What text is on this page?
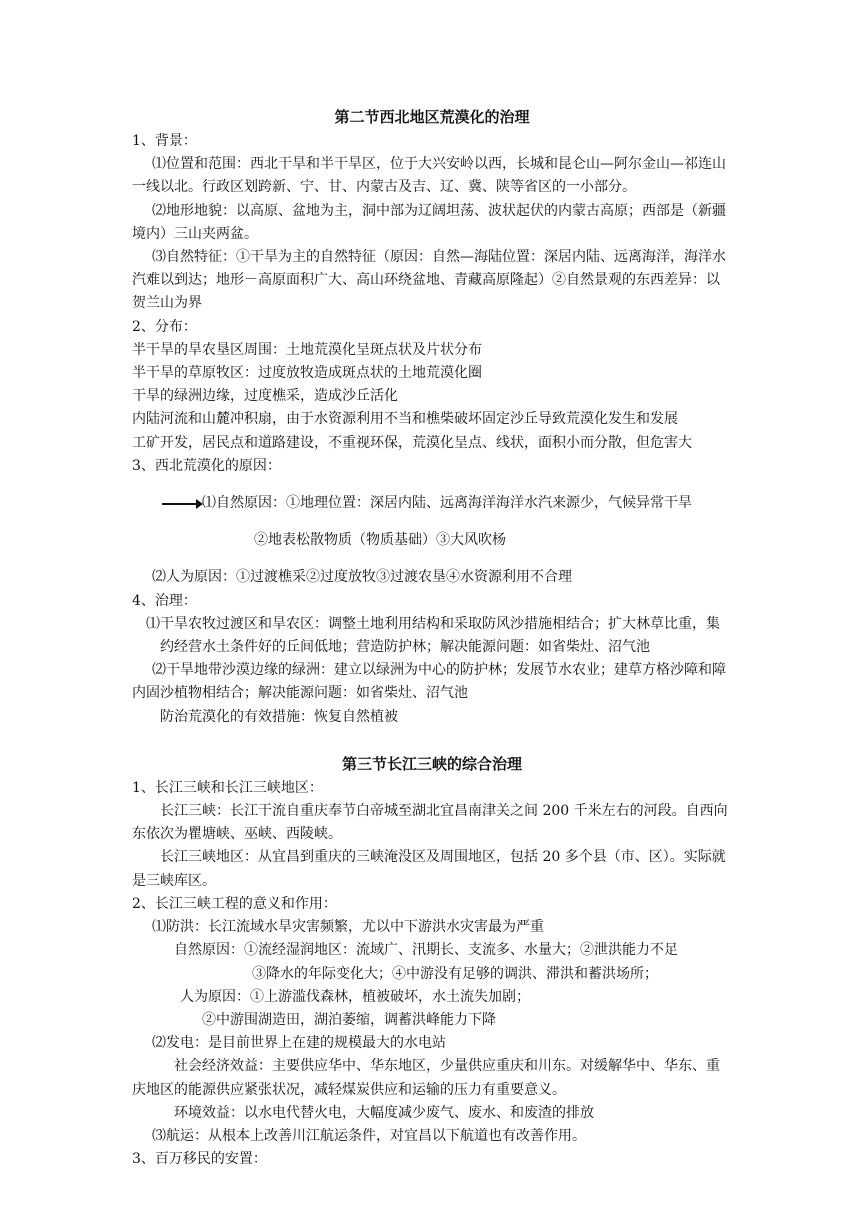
第二节西北地区荒漠化的治理

1、背景：

⑴位置和范围：西北干旱和半干旱区，位于大兴安岭以西，长城和昆仑山—阿尔金山—祁连山一线以北。行政区划跨新、宁、甘、内蒙古及吉、辽、冀、陕等省区的一小部分。

⑵地形地貌：以高原、盆地为主，洞中部为辽阔坦荡、波状起伏的内蒙古高原；西部是（新疆境内）三山夹两盆。

⑶自然特征：①干旱为主的自然特征（原因：自然—海陆位置：深居内陆、远离海洋，海洋水汽难以到达；地形－高原面积广大、高山环绕盆地、青藏高原隆起）②自然景观的东西差异：以贺兰山为界

2、分布：

半干旱的旱农垦区周围：土地荒漠化呈斑点状及片状分布

半干旱的草原牧区：过度放牧造成斑点状的土地荒漠化圈

干旱的绿洲边缘，过度樵采，造成沙丘活化

内陆河流和山麓冲积扇，由于水资源利用不当和樵柴破坏固定沙丘导致荒漠化发生和发展

工矿开发，居民点和道路建设，不重视环保，荒漠化呈点、线状，面积小而分散，但危害大

3、西北荒漠化的原因：

⑴自然原因：①地理位置：深居内陆、远离海洋海洋水汽来源少，气候异常干旱

②地表松散物质（物质基础）③大风吹杨

⑵人为原因：①过渡樵采②过度放牧③过渡农垦④水资源利用不合理

4、治理：

⑴干旱农牧过渡区和旱农区：调整土地利用结构和采取防风沙措施相结合；扩大林草比重，集约经营水土条件好的丘间低地；营造防护林；解决能源问题：如省柴灶、沼气池

⑵干旱地带沙漠边缘的绿洲：建立以绿洲为中心的防护林；发展节水农业；建草方格沙障和障内固沙植物相结合；解决能源问题：如省柴灶、沼气池

防治荒漠化的有效措施：恢复自然植被

第三节长江三峡的综合治理

1、长江三峡和长江三峡地区：

长江三峡：长江干流自重庆奉节白帝城至湖北宜昌南津关之间 200 千米左右的河段。自西向东依次为瞿塘峡、巫峡、西陵峡。

长江三峡地区：从宜昌到重庆的三峡淹没区及周围地区，包括 20 多个县（市、区）。实际就是三峡库区。

2、长江三峡工程的意义和作用：

⑴防洪：长江流域水旱灾害频繁，尤以中下游洪水灾害最为严重

自然原因：①流经湿润地区：流域广、汛期长、支流多、水量大；②泄洪能力不足

③降水的年际变化大；④中游没有足够的调洪、滞洪和蓄洪场所；

人为原因：①上游滥伐森林，植被破坏，水土流失加剧；

②中游围湖造田，湖泊萎缩，调蓄洪峰能力下降

⑵发电：是目前世界上在建的规模最大的水电站

社会经济效益：主要供应华中、华东地区，少量供应重庆和川东。对缓解华中、华东、重庆地区的能源供应紧张状况，减轻煤炭供应和运输的压力有重要意义。

环境效益：以水电代替火电，大幅度减少废气、废水、和废渣的排放

⑶航运：从根本上改善川江航运条件，对宜昌以下航道也有改善作用。

3、百万移民的安置：
